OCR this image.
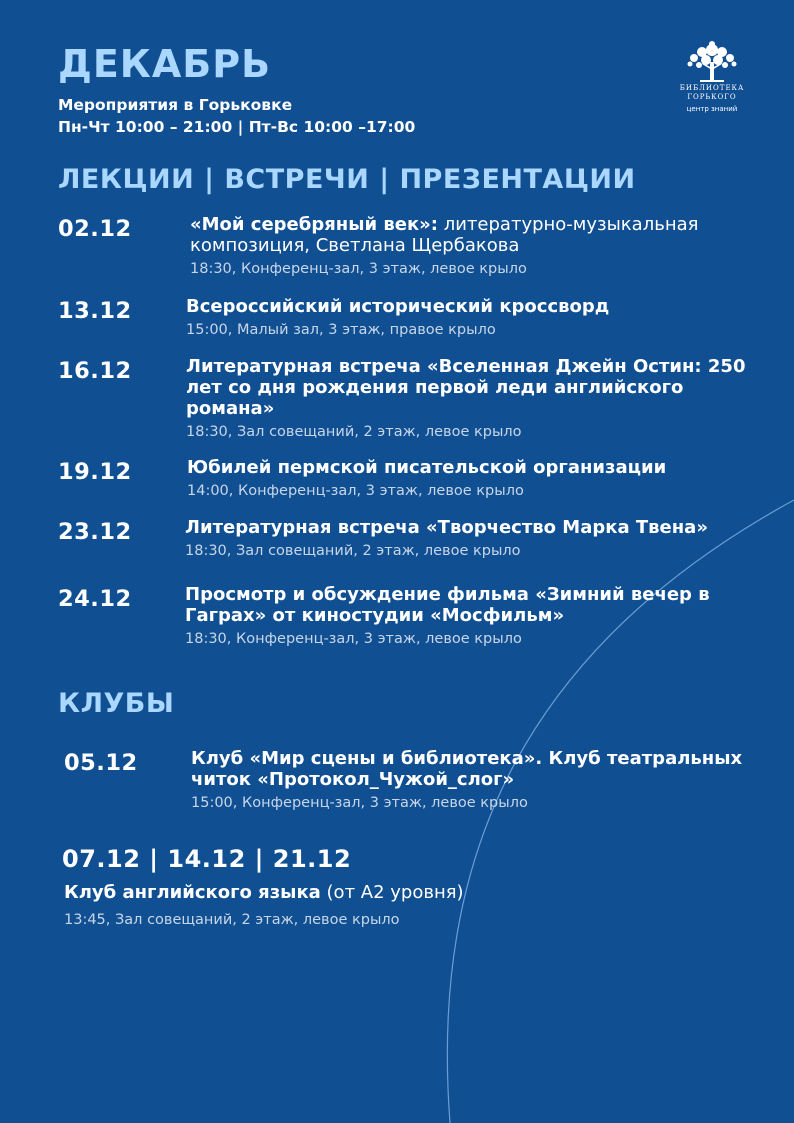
ДЕКАБРЬ
Мероприятия в Горьковке
Пн-Чт 10:00 – 21:00 | Пт-Вс 10:00 –17:00
БИБЛИОТЕКА
ГОРЬКОГО
центр знаний
ЛЕКЦИИ | ВСТРЕЧИ | ПРЕЗЕНТАЦИИ
02.12	«Мой серебряный век»: литературно-музыкальная композиция, Светлана Щербакова
18:30, Конференц-зал, 3 этаж, левое крыло
13.12	Всероссийский исторический кроссворд
15:00, Малый зал, 3 этаж, правое крыло
16.12	Литературная встреча «Вселенная Джейн Остин: 250 лет со дня рождения первой леди английского романа»
18:30, Зал совещаний, 2 этаж, левое крыло
19.12	Юбилей пермской писательской организации
14:00, Конференц-зал, 3 этаж, левое крыло
23.12	Литературная встреча «Творчество Марка Твена»
18:30, Зал совещаний, 2 этаж, левое крыло
24.12	Просмотр и обсуждение фильма «Зимний вечер в Гаграх» от киностудии «Мосфильм»
18:30, Конференц-зал, 3 этаж, левое крыло
КЛУБЫ
05.12	Клуб «Мир сцены и библиотека». Клуб театральных читок «Протокол_Чужой_слог»
15:00, Конференц-зал, 3 этаж, левое крыло
07.12 | 14.12 | 21.12
Клуб английского языка (от А2 уровня)
13:45, Зал совещаний, 2 этаж, левое крыло
